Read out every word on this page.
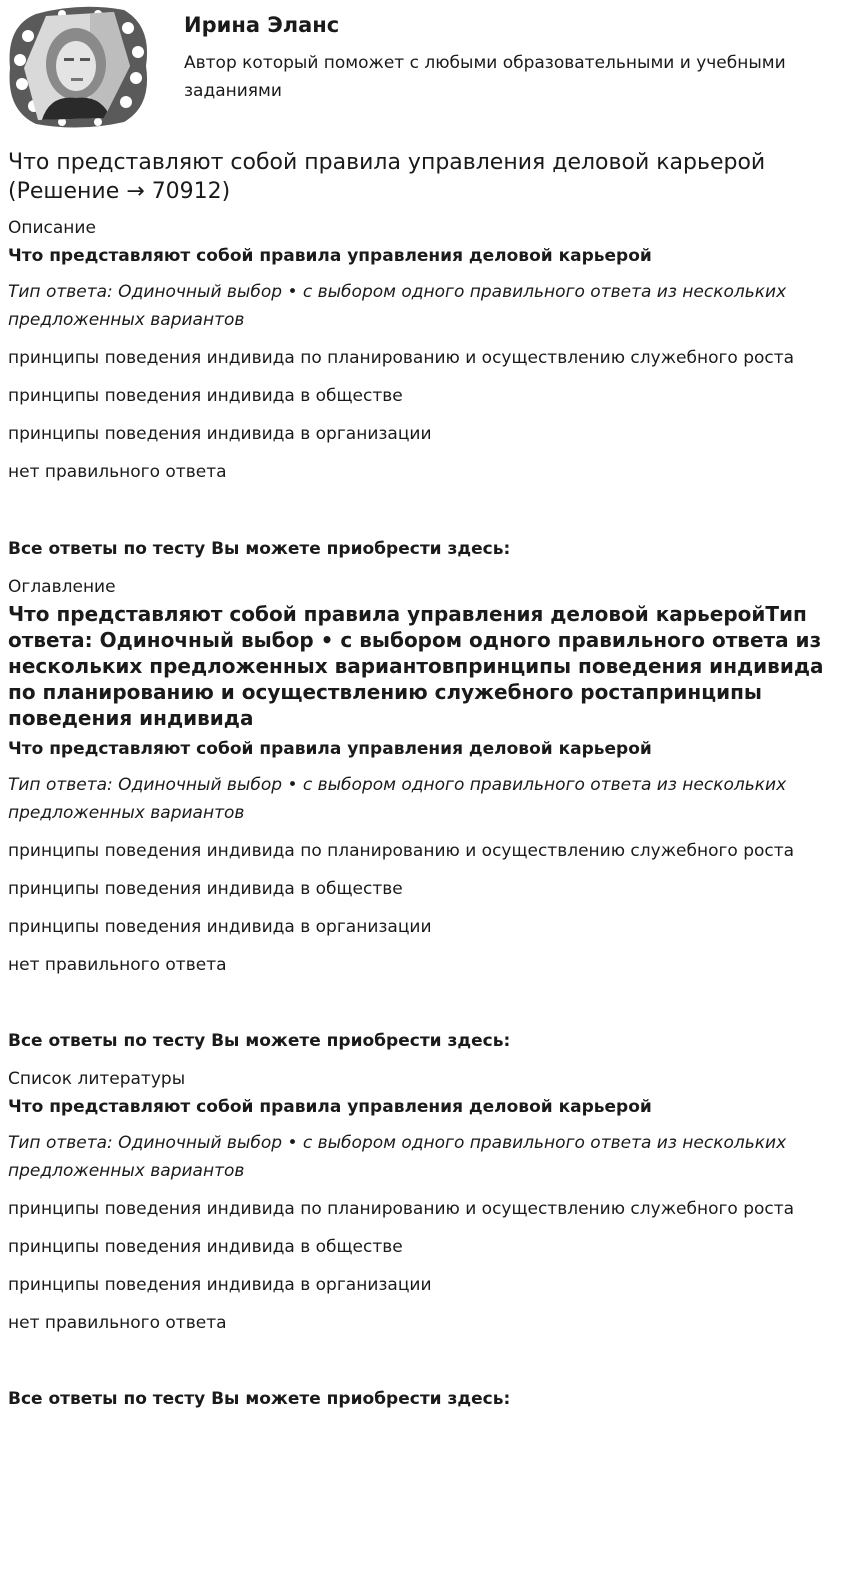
Ирина Эланс

Автор который поможет с любыми образовательными и учебными заданиями

Что представляют собой правила управления деловой карьерой (Решение → 70912)

Описание

Что представляют собой правила управления деловой карьерой

Тип ответа: Одиночный выбор • с выбором одного правильного ответа из нескольких предложенных вариантов

принципы поведения индивида по планированию и осуществлению служебного роста

принципы поведения индивида в обществе

принципы поведения индивида в организации

нет правильного ответа

Все ответы по тесту Вы можете приобрести здесь:

Оглавление

Что представляют собой правила управления деловой карьеройТип ответа: Одиночный выбор • с выбором одного правильного ответа из нескольких предложенных вариантовпринципы поведения индивида по планированию и осуществлению служебного ростапринципы поведения индивида

Что представляют собой правила управления деловой карьерой

Тип ответа: Одиночный выбор • с выбором одного правильного ответа из нескольких предложенных вариантов

принципы поведения индивида по планированию и осуществлению служебного роста

принципы поведения индивида в обществе

принципы поведения индивида в организации

нет правильного ответа

Все ответы по тесту Вы можете приобрести здесь:

Список литературы

Что представляют собой правила управления деловой карьерой

Тип ответа: Одиночный выбор • с выбором одного правильного ответа из нескольких предложенных вариантов

принципы поведения индивида по планированию и осуществлению служебного роста

принципы поведения индивида в обществе

принципы поведения индивида в организации

нет правильного ответа

Все ответы по тесту Вы можете приобрести здесь:
